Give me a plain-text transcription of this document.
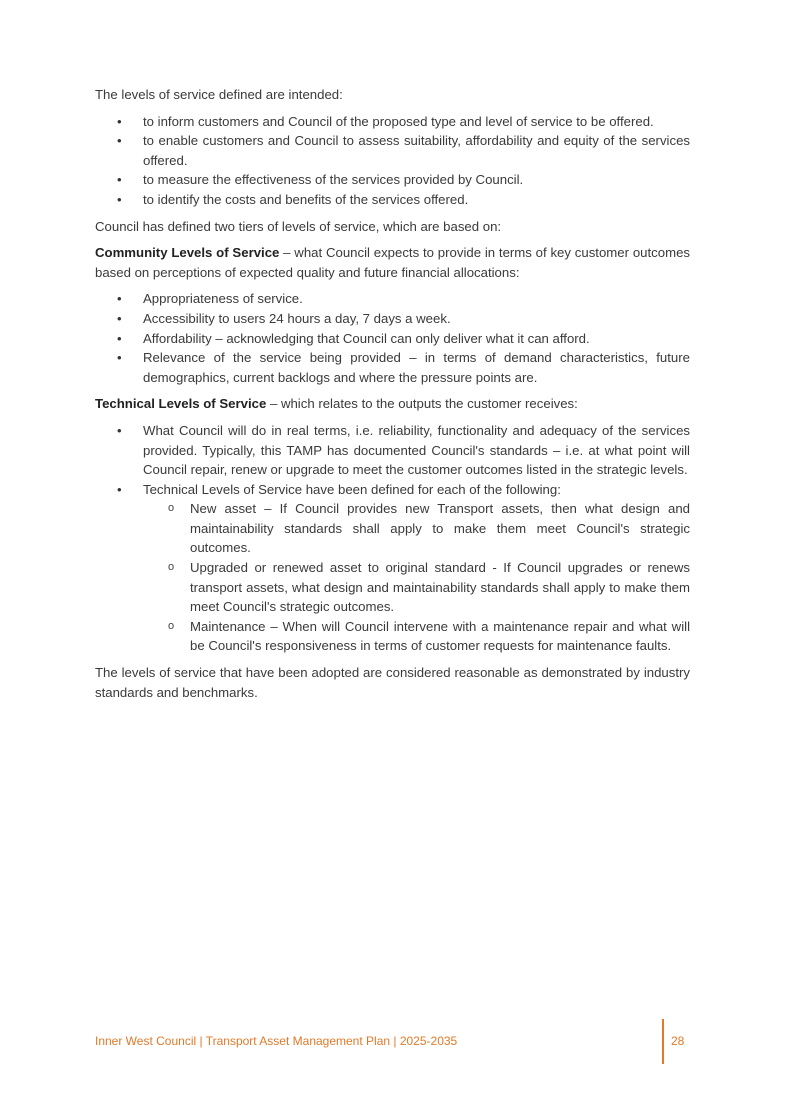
The levels of service defined are intended:

• to inform customers and Council of the proposed type and level of service to be offered.
• to enable customers and Council to assess suitability, affordability and equity of the services offered.
• to measure the effectiveness of the services provided by Council.
• to identify the costs and benefits of the services offered.

Council has defined two tiers of levels of service, which are based on:

Community Levels of Service – what Council expects to provide in terms of key customer outcomes based on perceptions of expected quality and future financial allocations:

• Appropriateness of service.
• Accessibility to users 24 hours a day, 7 days a week.
• Affordability – acknowledging that Council can only deliver what it can afford.
• Relevance of the service being provided – in terms of demand characteristics, future demographics, current backlogs and where the pressure points are.

Technical Levels of Service – which relates to the outputs the customer receives:

• What Council will do in real terms, i.e. reliability, functionality and adequacy of the services provided. Typically, this TAMP has documented Council's standards – i.e. at what point will Council repair, renew or upgrade to meet the customer outcomes listed in the strategic levels.
• Technical Levels of Service have been defined for each of the following:
o New asset – If Council provides new Transport assets, then what design and maintainability standards shall apply to make them meet Council's strategic outcomes.
o Upgraded or renewed asset to original standard - If Council upgrades or renews transport assets, what design and maintainability standards shall apply to make them meet Council's strategic outcomes.
o Maintenance – When will Council intervene with a maintenance repair and what will be Council's responsiveness in terms of customer requests for maintenance faults.

The levels of service that have been adopted are considered reasonable as demonstrated by industry standards and benchmarks.

Inner West Council | Transport Asset Management Plan | 2025-2035	28
